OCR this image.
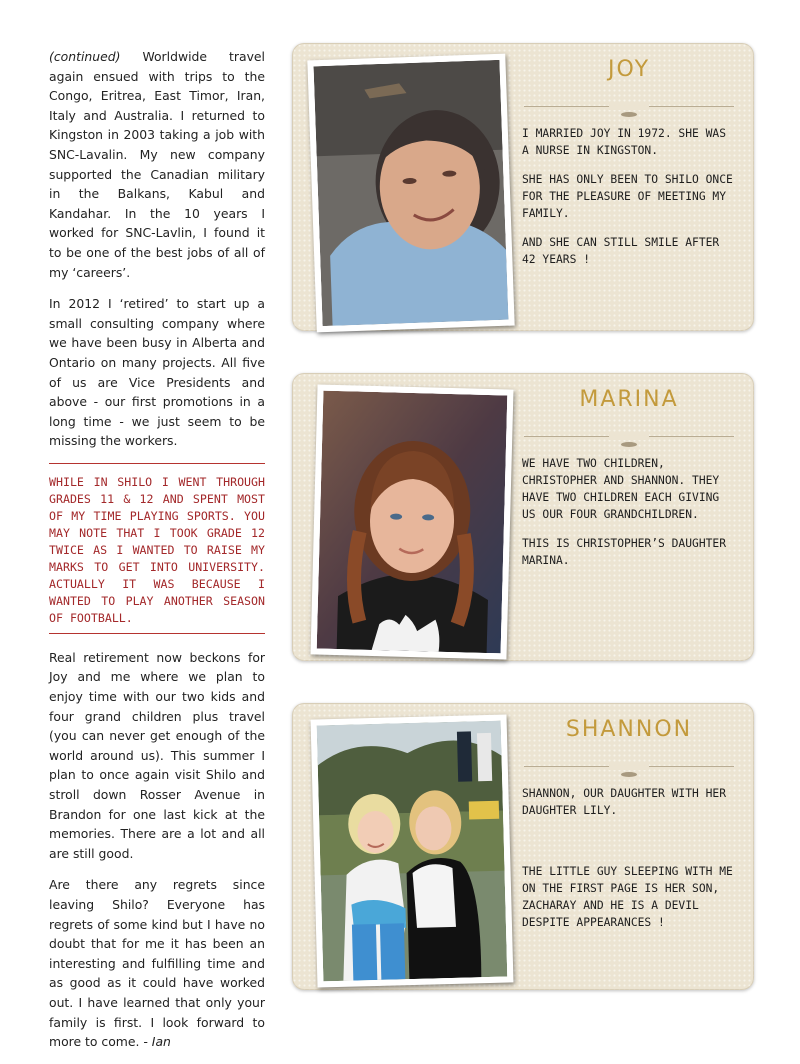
(continued) Worldwide travel again ensued with trips to the Congo, Eritrea, East Timor, Iran, Italy and Australia. I returned to Kingston in 2003 taking a job with SNC-Lavalin. My new company supported the Canadian military in the Balkans, Kabul and Kandahar. In the 10 years I worked for SNC-Lavlin, I found it to be one of the best jobs of all of my ‘careers’.

In 2012 I ‘retired’ to start up a small consulting company where we have been busy in Alberta and Ontario on many projects. All five of us are Vice Presidents and above - our first promotions in a long time - we just seem to be missing the workers.

WHILE IN SHILO I WENT THROUGH GRADES 11 & 12 AND SPENT MOST OF MY TIME PLAYING SPORTS. YOU MAY NOTE THAT I TOOK GRADE 12 TWICE AS I WANTED TO RAISE MY MARKS TO GET INTO UNIVERSITY. ACTUALLY IT WAS BECAUSE I WANTED TO PLAY ANOTHER SEASON OF FOOTBALL.

Real retirement now beckons for Joy and me where we plan to enjoy time with our two kids and four grand children plus travel (you can never get enough of the world around us). This summer I plan to once again visit Shilo and stroll down Rosser Avenue in Brandon for one last kick at the memories. There are a lot and all are still good.

Are there any regrets since leaving Shilo? Everyone has regrets of some kind but I have no doubt that for me it has been an interesting and fulfilling time and as good as it could have worked out. I have learned that only your family is first. I look forward to more to come. - Ian

JOY

I MARRIED JOY IN 1972. SHE WAS A NURSE IN KINGSTON.

SHE HAS ONLY BEEN TO SHILO ONCE FOR THE PLEASURE OF MEETING MY FAMILY.

AND SHE CAN STILL SMILE AFTER 42 YEARS !

MARINA

WE HAVE TWO CHILDREN, CHRISTOPHER AND SHANNON. THEY HAVE TWO CHILDREN EACH GIVING US OUR FOUR GRANDCHILDREN.

THIS IS CHRISTOPHER’S DAUGHTER MARINA.

SHANNON

SHANNON, OUR DAUGHTER WITH HER DAUGHTER LILY.

THE LITTLE GUY SLEEPING WITH ME ON THE FIRST PAGE IS HER SON, ZACHARAY AND HE IS A DEVIL DESPITE APPEARANCES !
